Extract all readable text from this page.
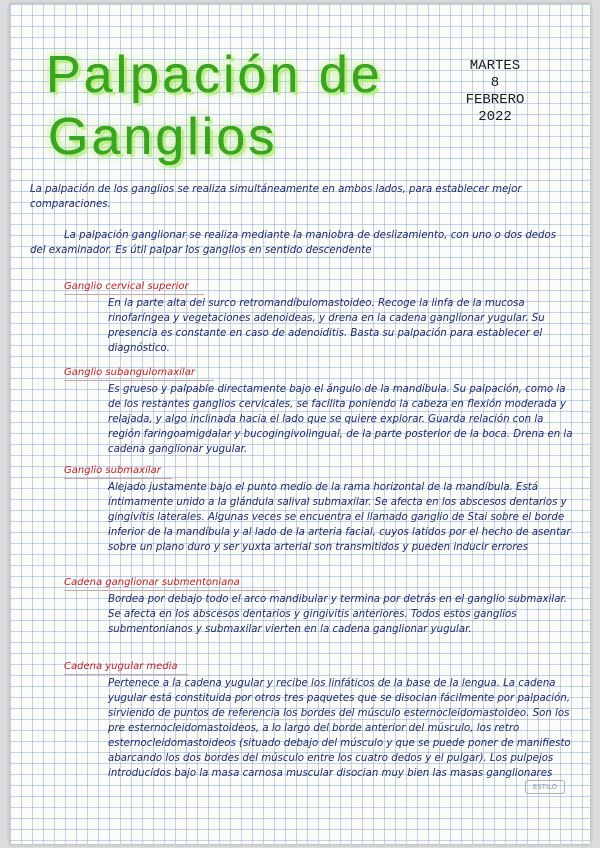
Palpación de
Ganglios
MARTES
8
FEBRERO
2022

La palpación de los ganglios se realiza simultáneamente en ambos lados, para establecer mejor comparaciones.

La palpación ganglionar se realiza mediante la maniobra de deslizamiento, con uno o dos dedos del examinador. Es útil palpar los ganglios en sentido descendente

Ganglio cervical superior

En la parte alta del surco retromandíbulomastoideo. Recoge la linfa de la mucosa rinofaríngea y vegetaciones adenoideas, y drena en la cadena ganglionar yugular. Su presencia es constante en caso de adenoiditis. Basta su palpación para establecer el diagnóstico.

Ganglio subangulomaxilar

Es grueso y palpable directamente bajo el ángulo de la mandíbula. Su palpación, como la de los restantes ganglios cervicales, se facilita poniendo la cabeza en flexión moderada y relajada, y algo inclinada hacia el lado que se quiere explorar. Guarda relación con la región faringoamigdalar y bucogingivolingual, de la parte posterior de la boca. Drena en la cadena ganglionar yugular.

Ganglio submaxilar

Alejado justamente bajo el punto medio de la rama horizontal de la mandíbula. Está íntimamente unido a la glándula salival submaxilar. Se afecta en los abscesos dentarios y gingivitis laterales. Algunas veces se encuentra el llamado ganglio de Stai sobre el borde inferior de la mandíbula y al lado de la arteria facial, cuyos latidos por el hecho de asentar sobre un plano duro y ser yuxta arterial son transmitidos y pueden inducir errores

Cadena ganglionar submentoniana

Bordea por debajo todo el arco mandibular y termina por detrás en el ganglio submaxilar. Se afecta en los abscesos dentarios y gingivitis anteriores. Todos estos ganglios submentonianos y submaxilar vierten en la cadena ganglionar yugular.

Cadena yugular media

Pertenece a la cadena yugular y recibe los linfáticos de la base de la lengua. La cadena yugular está constituida por otros tres paquetes que se disocian fácilmente por palpación, sirviendo de puntos de referencia los bordes del músculo esternocleidomastoideo. Son los pre esternocleidomastoideos, a lo largo del borde anterior del músculo, los retro esternocleidomastoideos (situado debajo del músculo y que se puede poner de manifiesto abarcando los dos bordes del músculo entre los cuatro dedos y el pulgar). Los pulpejos introducidos bajo la masa carnosa muscular disocian muy bien las masas ganglionares

ESTILO
